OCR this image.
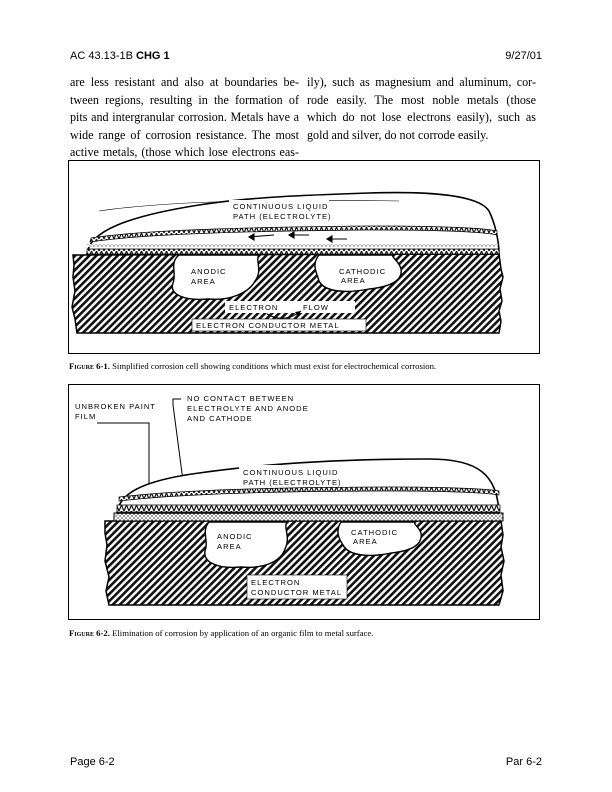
AC 43.13-1B CHG 1	9/27/01
are less resistant and also at boundaries be-
tween regions, resulting in the formation of
pits and intergranular corrosion. Metals have a
wide range of corrosion resistance. The most
active metals, (those which lose electrons eas-
ily), such as magnesium and aluminum, cor-
rode easily. The most noble metals (those
which do not lose electrons easily), such as
gold and silver, do not corrode easily.
CONTINUOUS LIQUID
PATH (ELECTROLYTE)
ANODIC
AREA
CATHODIC
AREA
ELECTRON	FLOW
ELECTRON CONDUCTOR METAL
Figure 6-1. Simplified corrosion cell showing conditions which must exist for electrochemical corrosion.
UNBROKEN PAINT
FILM
NO CONTACT BETWEEN
ELECTROLYTE AND ANODE
AND CATHODE
CONTINUOUS LIQUID
PATH (ELECTROLYTE)
ANODIC
AREA
CATHODIC
AREA
ELECTRON
CONDUCTOR METAL
Figure 6-2. Elimination of corrosion by application of an organic film to metal surface.
Page 6-2	Par 6-2
